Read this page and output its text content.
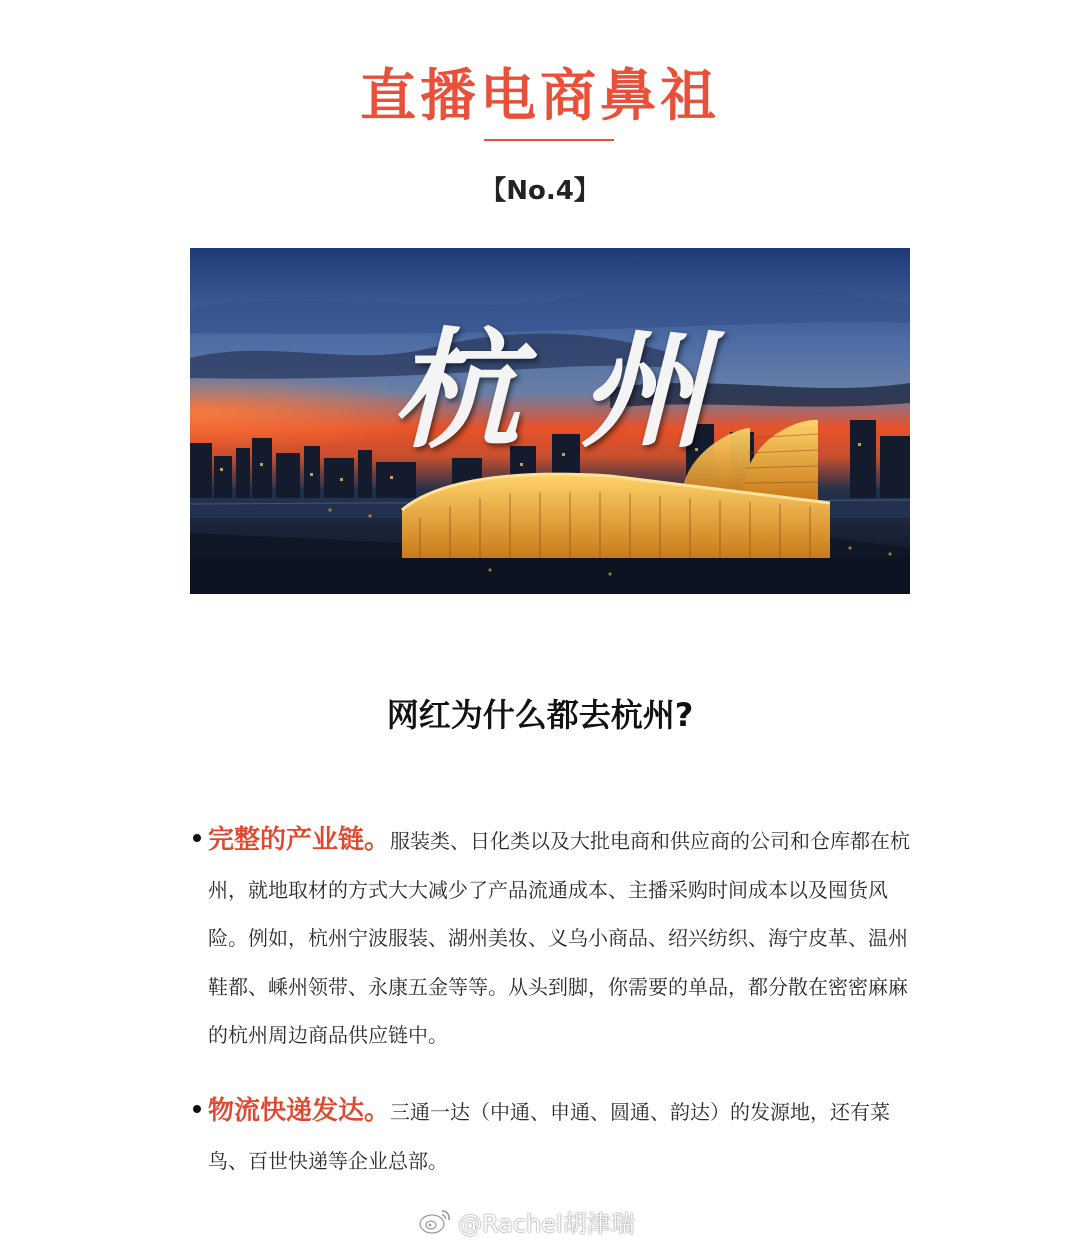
直播电商鼻祖
【No.4】
杭州
网红为什么都去杭州?
完整的产业链。服装类、日化类以及大批电商和供应商的公司和仓库都在杭州，就地取材的方式大大减少了产品流通成本、主播采购时间成本以及囤货风险。例如，杭州宁波服装、湖州美妆、义乌小商品、绍兴纺织、海宁皮革、温州鞋都、嵊州领带、永康五金等等。从头到脚，你需要的单品，都分散在密密麻麻的杭州周边商品供应链中。
物流快递发达。三通一达（中通、申通、圆通、韵达）的发源地，还有菜鸟、百世快递等企业总部。
@Rachel胡津瑞
